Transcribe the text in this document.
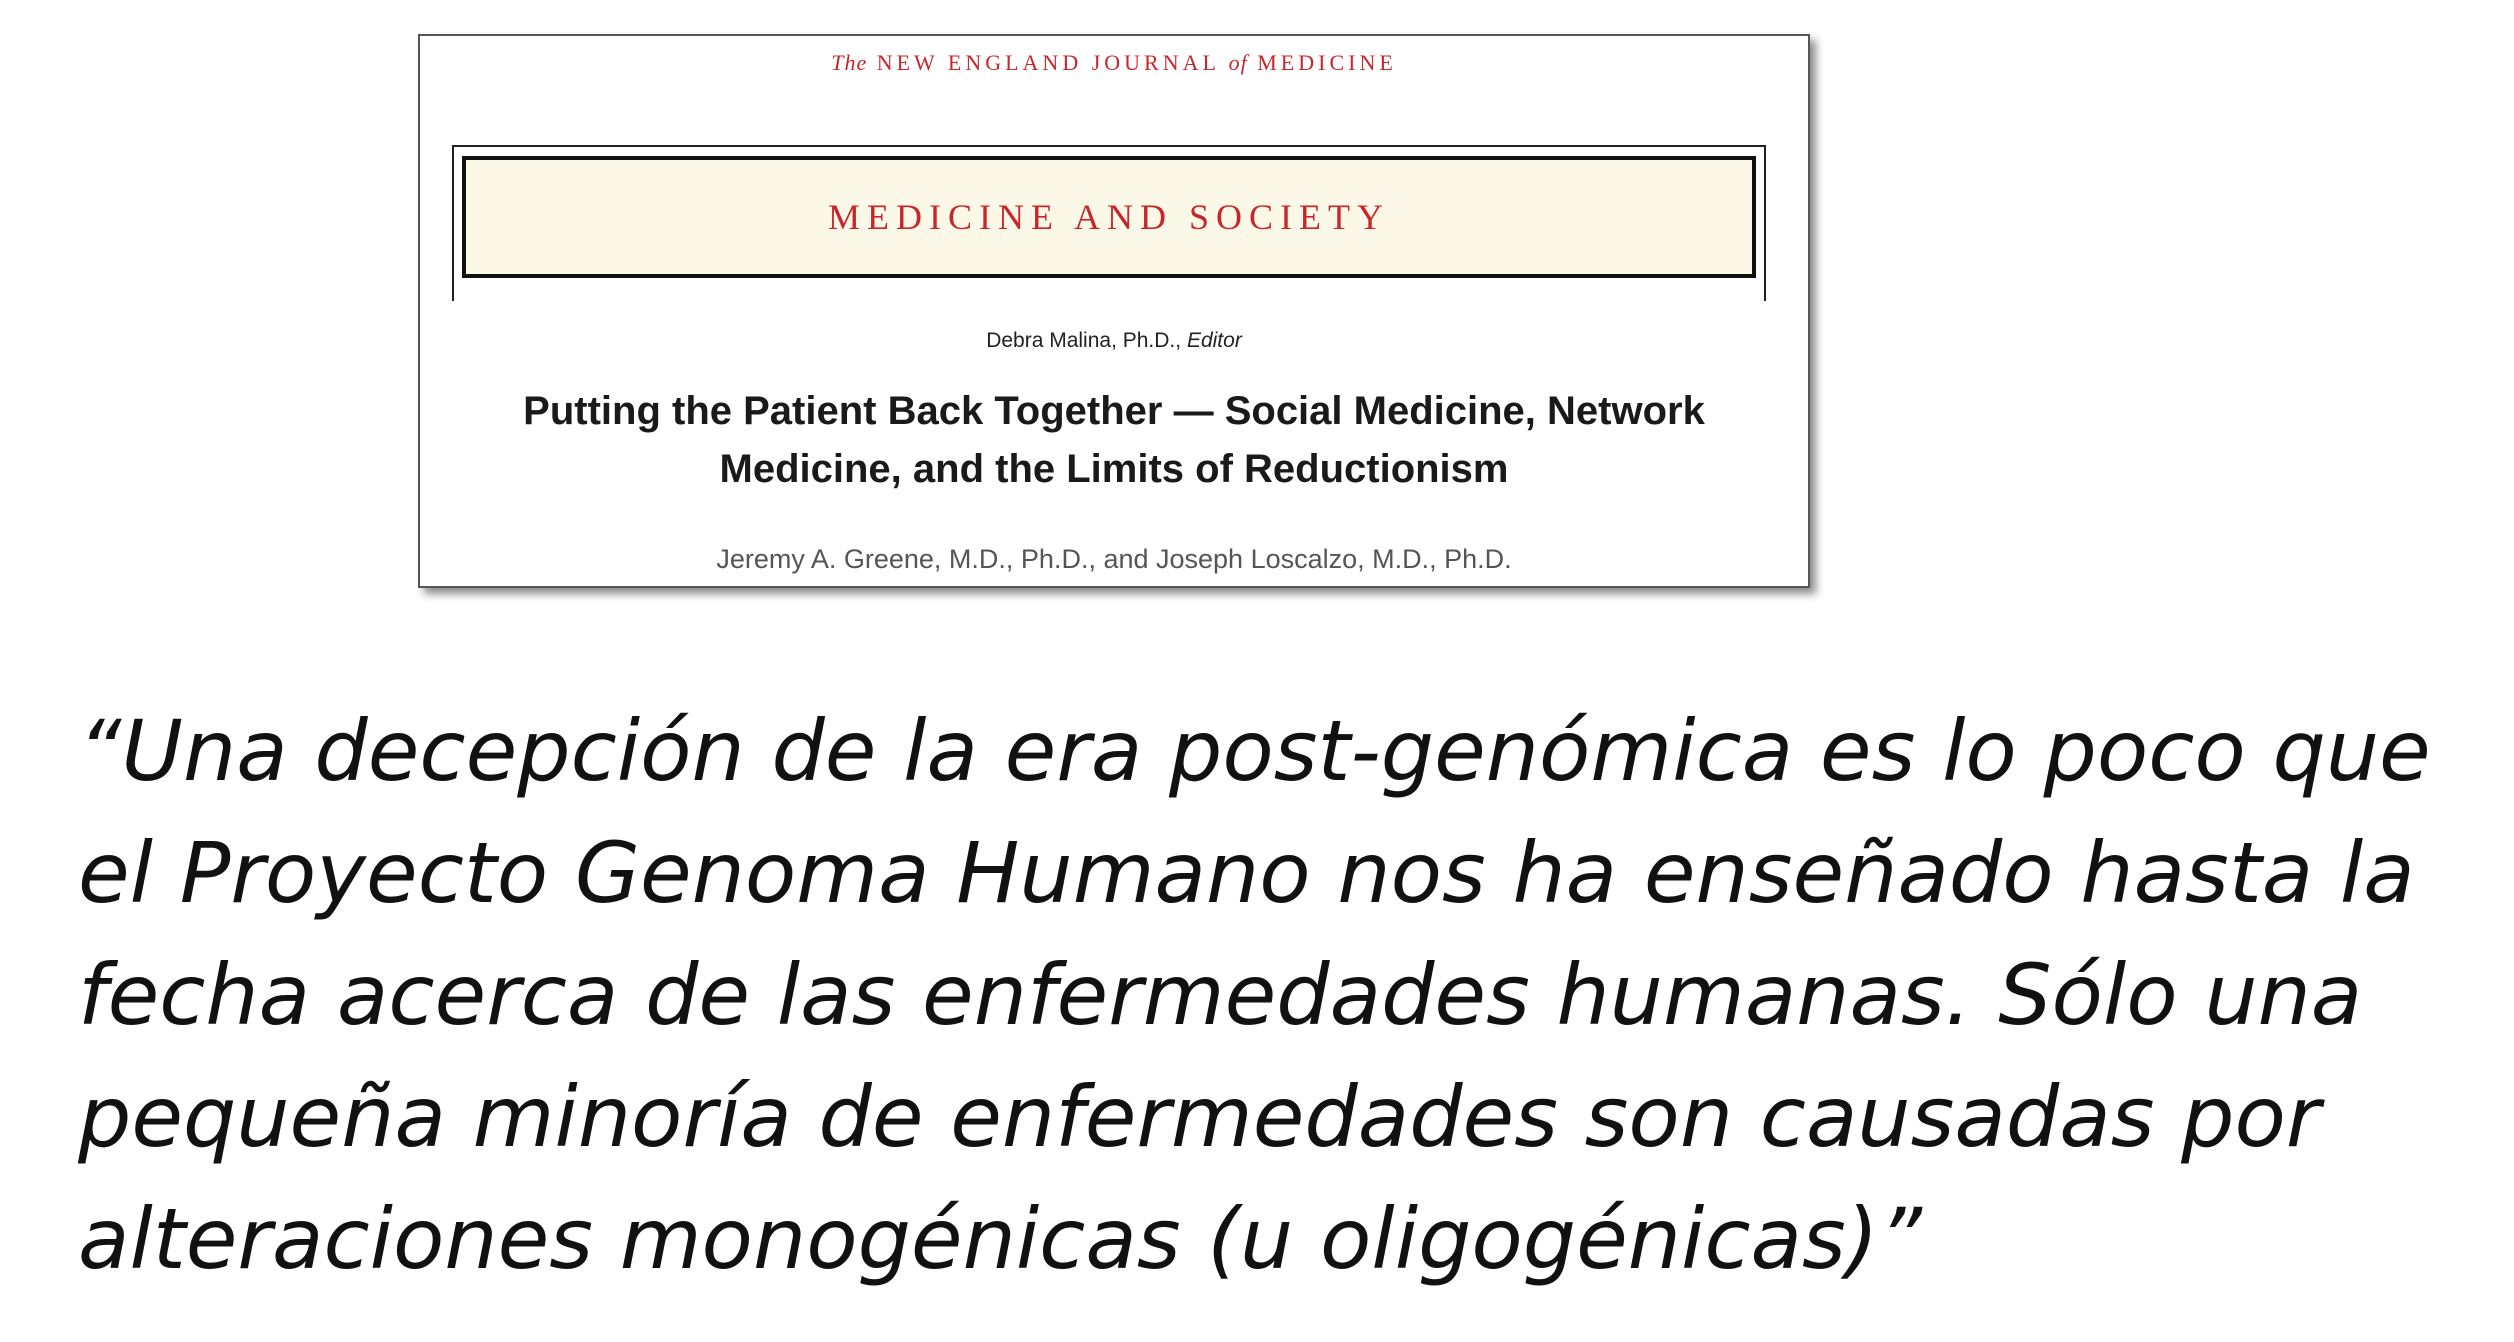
The NEW ENGLAND JOURNAL of MEDICINE
MEDICINE AND SOCIETY
Debra Malina, Ph.D., Editor
Putting the Patient Back Together — Social Medicine, Network
Medicine, and the Limits of Reductionism
Jeremy A. Greene, M.D., Ph.D., and Joseph Loscalzo, M.D., Ph.D.
“Una decepción de la era post-genómica es lo poco que
el Proyecto Genoma Humano nos ha enseñado hasta la
fecha acerca de las enfermedades humanas. Sólo una
pequeña minoría de enfermedades son causadas por
alteraciones monogénicas (u oligogénicas)”
